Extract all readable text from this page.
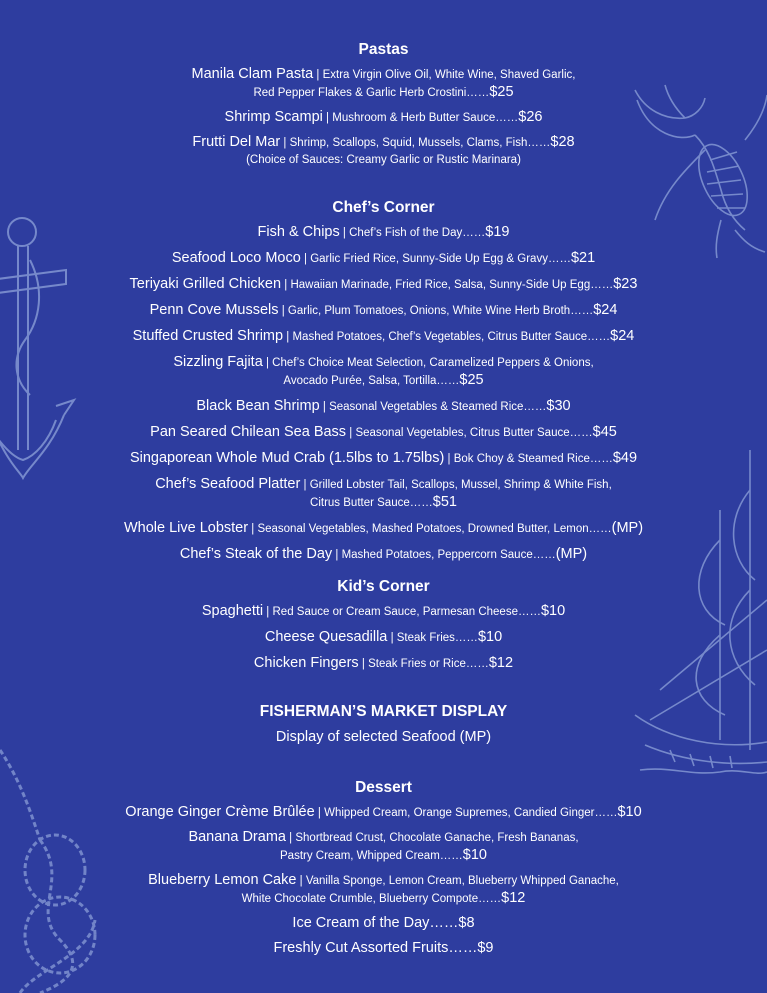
Pastas

Manila Clam Pasta | Extra Virgin Olive Oil, White Wine, Shaved Garlic,
Red Pepper Flakes & Garlic Herb Crostini……$25
Shrimp Scampi | Mushroom & Herb Butter Sauce……$26
Frutti Del Mar | Shrimp, Scallops, Squid, Mussels, Clams, Fish……$28
(Choice of Sauces: Creamy Garlic or Rustic Marinara)

Chef’s Corner

Fish & Chips | Chef’s Fish of the Day……$19
Seafood Loco Moco | Garlic Fried Rice, Sunny-Side Up Egg & Gravy……$21
Teriyaki Grilled Chicken | Hawaiian Marinade, Fried Rice, Salsa, Sunny-Side Up Egg……$23
Penn Cove Mussels | Garlic, Plum Tomatoes, Onions, White Wine Herb Broth……$24
Stuffed Crusted Shrimp | Mashed Potatoes, Chef’s Vegetables, Citrus Butter Sauce……$24
Sizzling Fajita | Chef’s Choice Meat Selection, Caramelized Peppers & Onions,
Avocado Purée, Salsa, Tortilla……$25
Black Bean Shrimp | Seasonal Vegetables & Steamed Rice……$30
Pan Seared Chilean Sea Bass | Seasonal Vegetables, Citrus Butter Sauce……$45
Singaporean Whole Mud Crab (1.5lbs to 1.75lbs) | Bok Choy & Steamed Rice……$49
Chef’s Seafood Platter | Grilled Lobster Tail, Scallops, Mussel, Shrimp & White Fish,
Citrus Butter Sauce……$51
Whole Live Lobster | Seasonal Vegetables, Mashed Potatoes, Drowned Butter, Lemon……(MP)
Chef’s Steak of the Day | Mashed Potatoes, Peppercorn Sauce……(MP)

Kid’s Corner

Spaghetti | Red Sauce or Cream Sauce, Parmesan Cheese……$10
Cheese Quesadilla | Steak Fries……$10
Chicken Fingers | Steak Fries or Rice……$12

FISHERMAN’S MARKET DISPLAY

Display of selected Seafood (MP)

Dessert

Orange Ginger Crème Brûlée | Whipped Cream, Orange Supremes, Candied Ginger……$10
Banana Drama | Shortbread Crust, Chocolate Ganache, Fresh Bananas,
Pastry Cream, Whipped Cream……$10
Blueberry Lemon Cake | Vanilla Sponge, Lemon Cream, Blueberry Whipped Ganache,
White Chocolate Crumble, Blueberry Compote……$12
Ice Cream of the Day……$8
Freshly Cut Assorted Fruits……$9
